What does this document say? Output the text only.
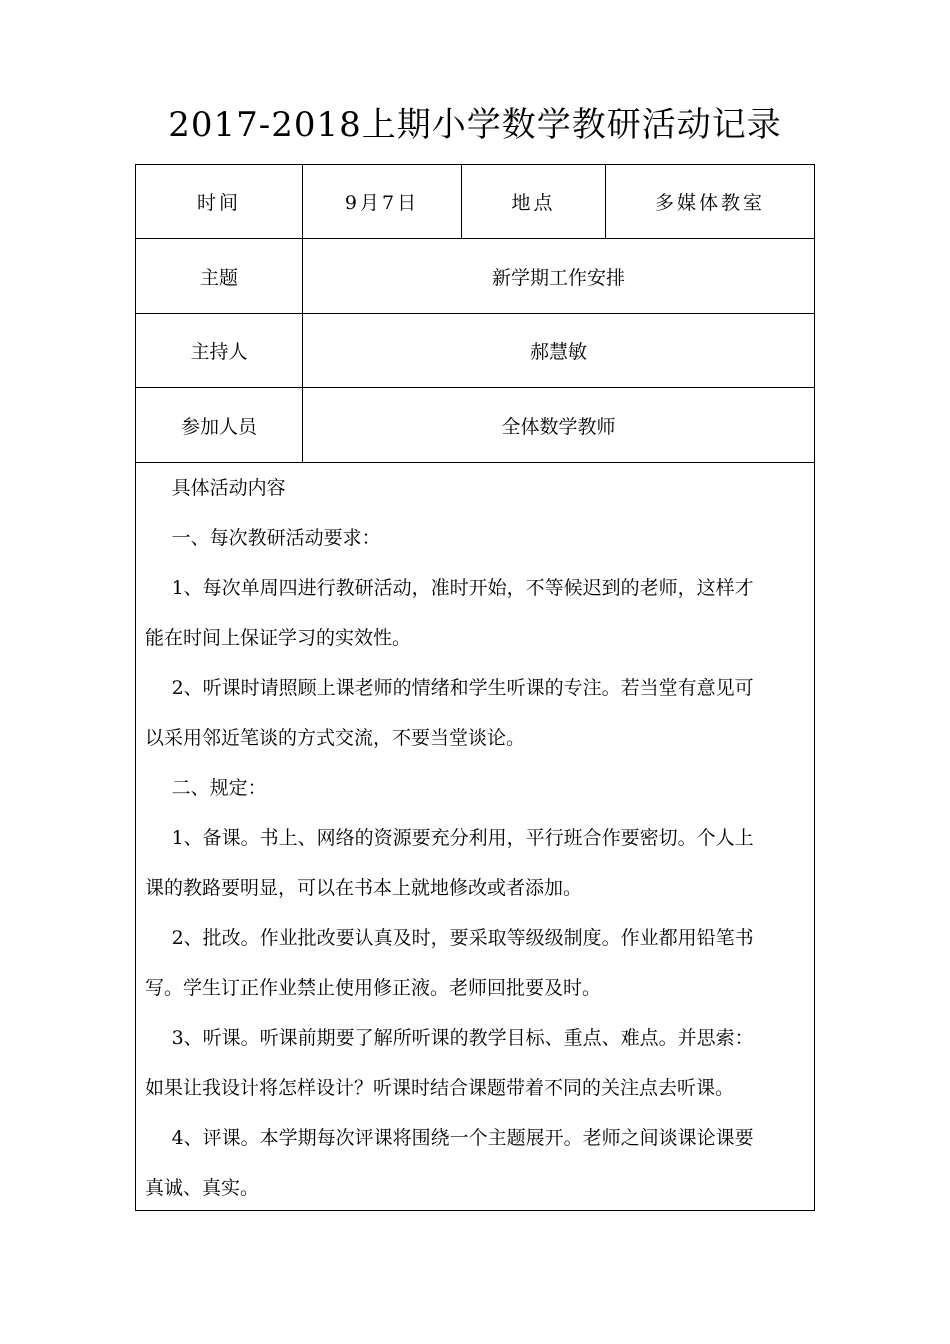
2017-2018上期小学数学教研活动记录
时间	9月7日	地点	多媒体教室
主题	新学期工作安排
主持人	郝慧敏
参加人员	全体数学教师

具体活动内容

一、每次教研活动要求：

1、每次单周四进行教研活动，准时开始，不等候迟到的老师，这样才

能在时间上保证学习的实效性。

2、听课时请照顾上课老师的情绪和学生听课的专注。若当堂有意见可

以采用邻近笔谈的方式交流，不要当堂谈论。

二、规定：

1、备课。书上、网络的资源要充分利用，平行班合作要密切。个人上

课的教路要明显，可以在书本上就地修改或者添加。

2、批改。作业批改要认真及时，要采取等级级制度。作业都用铅笔书

写。学生订正作业禁止使用修正液。老师回批要及时。

3、听课。听课前期要了解所听课的教学目标、重点、难点。并思索：

如果让我设计将怎样设计？听课时结合课题带着不同的关注点去听课。

4、评课。本学期每次评课将围绕一个主题展开。老师之间谈课论课要

真诚、真实。
